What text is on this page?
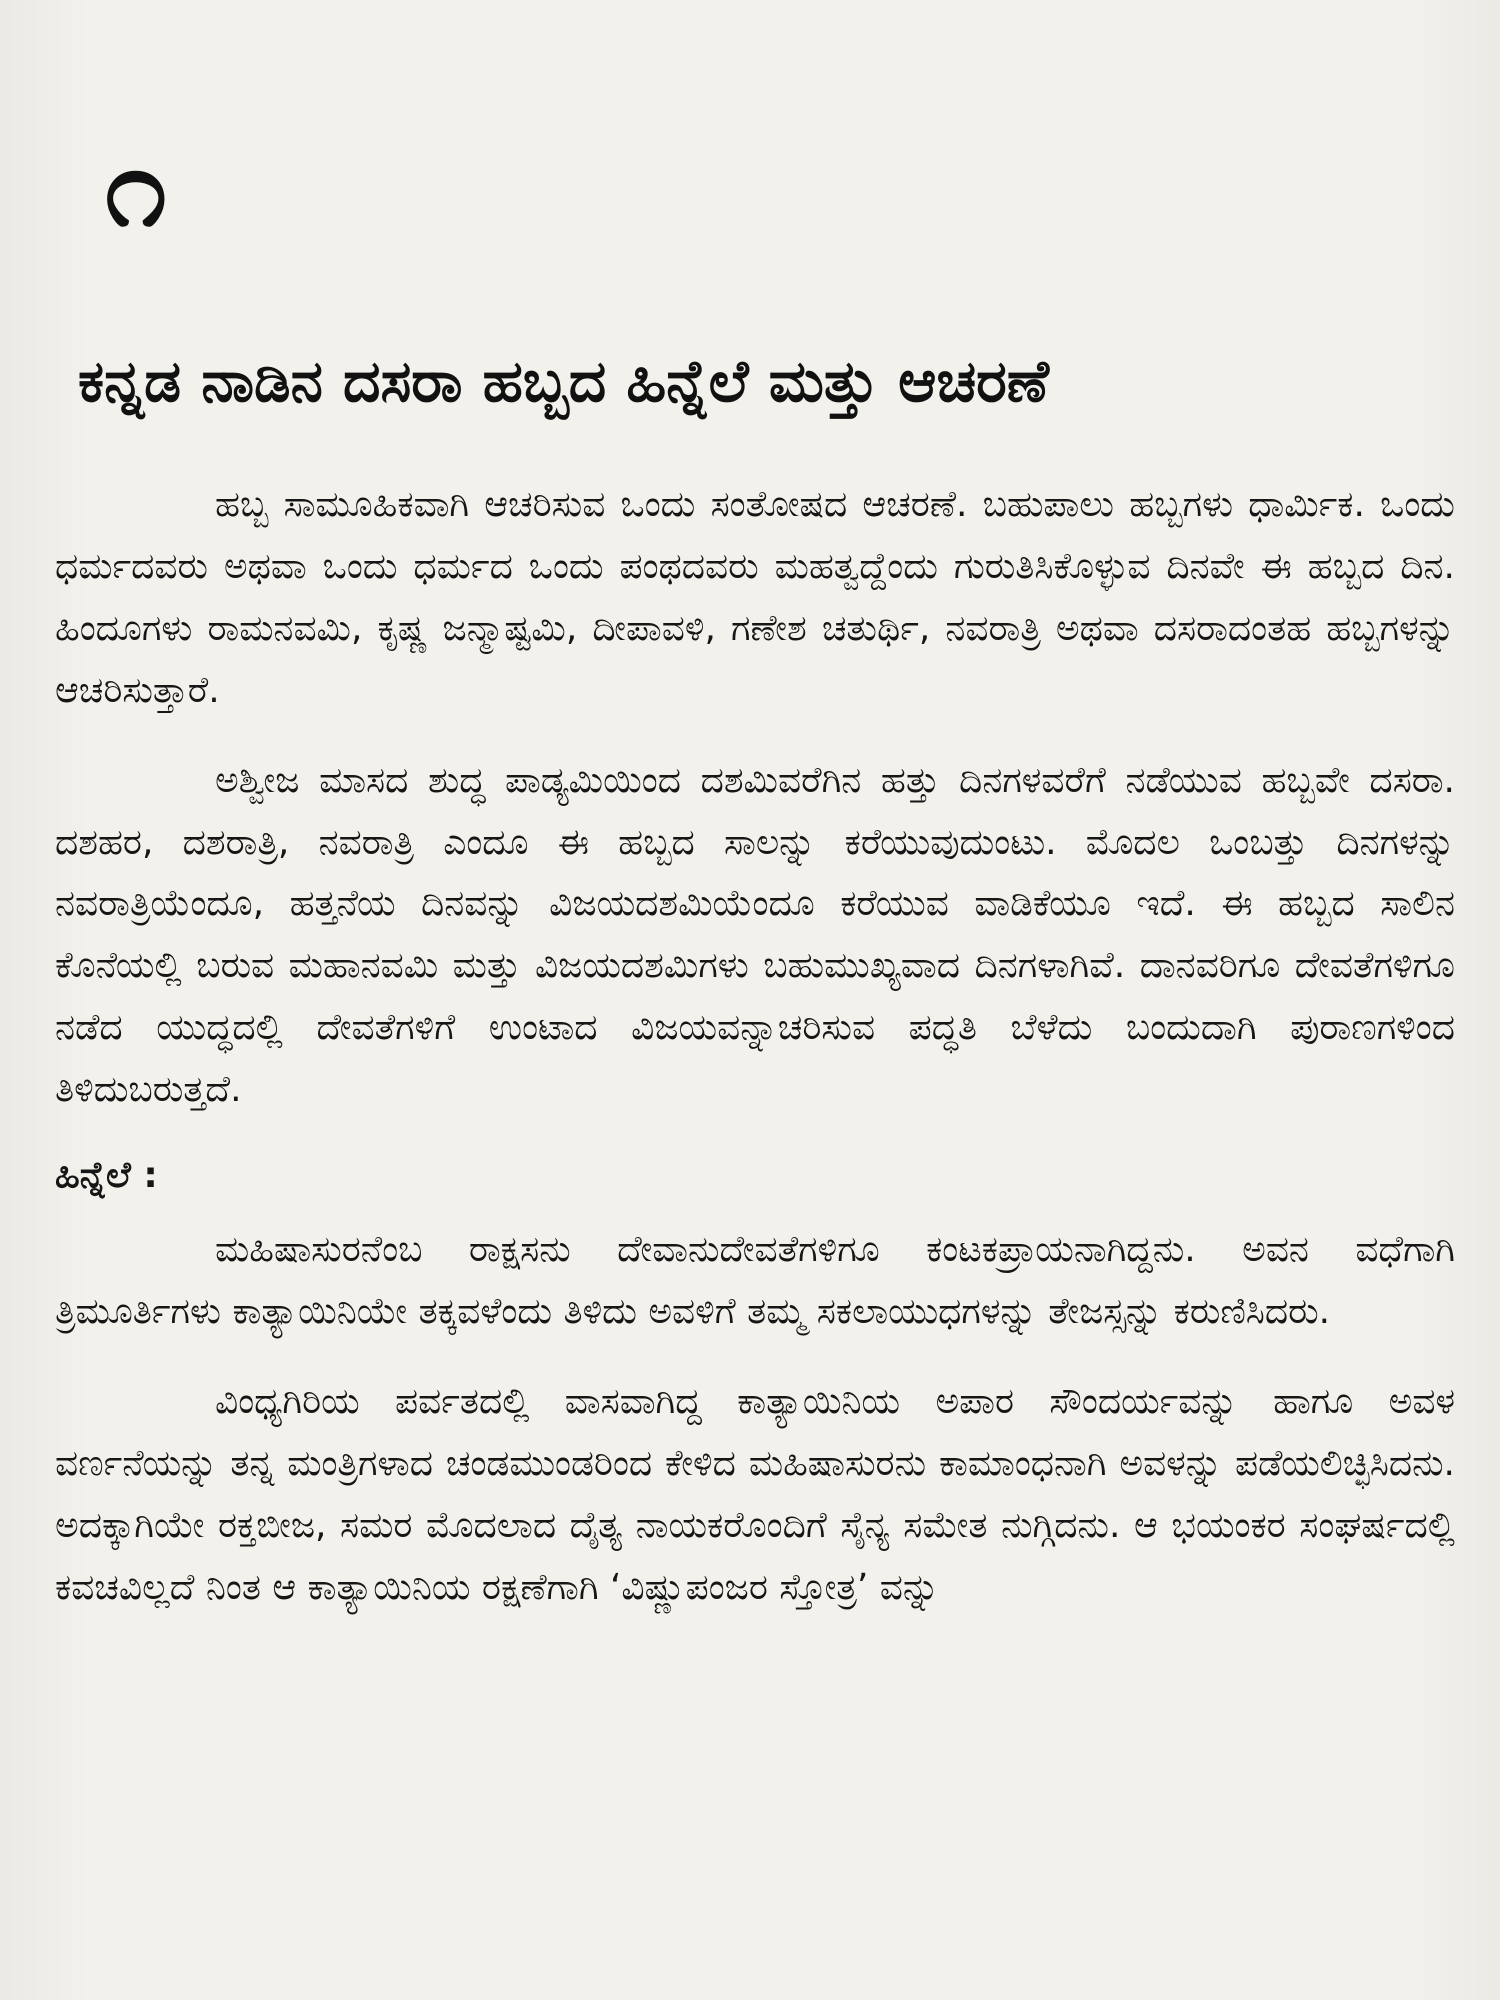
೧
ಕನ್ನಡ ನಾಡಿನ ದಸರಾ ಹಬ್ಬದ ಹಿನ್ನೆಲೆ ಮತ್ತು ಆಚರಣೆ

ಹಬ್ಬ ಸಾಮೂಹಿಕವಾಗಿ ಆಚರಿಸುವ ಒಂದು ಸಂತೋಷದ ಆಚರಣೆ. ಬಹುಪಾಲು ಹಬ್ಬಗಳು ಧಾರ್ಮಿಕ. ಒಂದು ಧರ್ಮದವರು ಅಥವಾ ಒಂದು ಧರ್ಮದ ಒಂದು ಪಂಥದವರು ಮಹತ್ವದ್ದೆಂದು ಗುರುತಿಸಿಕೊಳ್ಳುವ ದಿನವೇ ಈ ಹಬ್ಬದ ದಿನ. ಹಿಂದೂಗಳು ರಾಮನವಮಿ, ಕೃಷ್ಣ ಜನ್ಮಾಷ್ಟಮಿ, ದೀಪಾವಳಿ, ಗಣೇಶ ಚತುರ್ಥಿ, ನವರಾತ್ರಿ ಅಥವಾ ದಸರಾದಂತಹ ಹಬ್ಬಗಳನ್ನು ಆಚರಿಸುತ್ತಾರೆ.

ಅಶ್ವೀಜ ಮಾಸದ ಶುದ್ಧ ಪಾಡ್ಯಮಿಯಿಂದ ದಶಮಿವರೆಗಿನ ಹತ್ತು ದಿನಗಳವರೆಗೆ ನಡೆಯುವ ಹಬ್ಬವೇ ದಸರಾ. ದಶಹರ, ದಶರಾತ್ರಿ, ನವರಾತ್ರಿ ಎಂದೂ ಈ ಹಬ್ಬದ ಸಾಲನ್ನು ಕರೆಯುವುದುಂಟು. ಮೊದಲ ಒಂಬತ್ತು ದಿನಗಳನ್ನು ನವರಾತ್ರಿಯೆಂದೂ, ಹತ್ತನೆಯ ದಿನವನ್ನು ವಿಜಯದಶಮಿಯೆಂದೂ ಕರೆಯುವ ವಾಡಿಕೆಯೂ ಇದೆ. ಈ ಹಬ್ಬದ ಸಾಲಿನ ಕೊನೆಯಲ್ಲಿ ಬರುವ ಮಹಾನವಮಿ ಮತ್ತು ವಿಜಯದಶಮಿಗಳು ಬಹುಮುಖ್ಯವಾದ ದಿನಗಳಾಗಿವೆ. ದಾನವರಿಗೂ ದೇವತೆಗಳಿಗೂ ನಡೆದ ಯುದ್ಧದಲ್ಲಿ ದೇವತೆಗಳಿಗೆ ಉಂಟಾದ ವಿಜಯವನ್ನಾಚರಿಸುವ ಪದ್ಧತಿ ಬೆಳೆದು ಬಂದುದಾಗಿ ಪುರಾಣಗಳಿಂದ ತಿಳಿದುಬರುತ್ತದೆ.

ಹಿನ್ನೆಲೆ :

ಮಹಿಷಾಸುರನೆಂಬ ರಾಕ್ಷಸನು ದೇವಾನುದೇವತೆಗಳಿಗೂ ಕಂಟಕಪ್ರಾಯನಾಗಿದ್ದನು. ಅವನ ವಧೆಗಾಗಿ ತ್ರಿಮೂರ್ತಿಗಳು ಕಾತ್ಯಾಯಿನಿಯೇ ತಕ್ಕವಳೆಂದು ತಿಳಿದು ಅವಳಿಗೆ ತಮ್ಮ ಸಕಲಾಯುಧಗಳನ್ನು ತೇಜಸ್ಸನ್ನು ಕರುಣಿಸಿದರು.

ವಿಂಧ್ಯಗಿರಿಯ ಪರ್ವತದಲ್ಲಿ ವಾಸವಾಗಿದ್ದ ಕಾತ್ಯಾಯಿನಿಯ ಅಪಾರ ಸೌಂದರ್ಯವನ್ನು ಹಾಗೂ ಅವಳ ವರ್ಣನೆಯನ್ನು ತನ್ನ ಮಂತ್ರಿಗಳಾದ ಚಂಡಮುಂಡರಿಂದ ಕೇಳಿದ ಮಹಿಷಾಸುರನು ಕಾಮಾಂಧನಾಗಿ ಅವಳನ್ನು ಪಡೆಯಲಿಚ್ಛಿಸಿದನು. ಅದಕ್ಕಾಗಿಯೇ ರಕ್ತಬೀಜ, ಸಮರ ಮೊದಲಾದ ದೈತ್ಯ ನಾಯಕರೊಂದಿಗೆ ಸೈನ್ಯ ಸಮೇತ ನುಗ್ಗಿದನು. ಆ ಭಯಂಕರ ಸಂಘರ್ಷದಲ್ಲಿ ಕವಚವಿಲ್ಲದೆ ನಿಂತ ಆ ಕಾತ್ಯಾಯಿನಿಯ ರಕ್ಷಣೆಗಾಗಿ ‘ವಿಷ್ಣುಪಂಜರ ಸ್ತೋತ್ರ’ ವನ್ನು
